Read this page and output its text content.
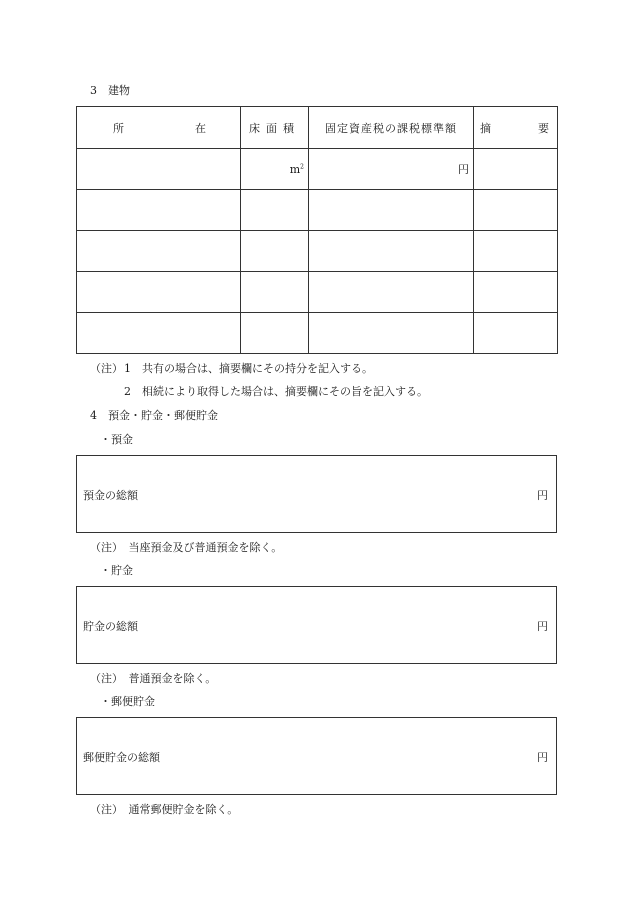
3　建物
所 在	床面積	固定資産税の課税標準額	摘 要

	$m^2$	円	

（注） 1　共有の場合は、摘要欄にその持分を記入する。
2　相続により取得した場合は、摘要欄にその旨を記入する。
4　預金・貯金・郵便貯金
・預金
預金の総額	円
（注）　当座預金及び普通預金を除く。
・貯金
貯金の総額	円
（注）　普通預金を除く。
・郵便貯金
郵便貯金の総額	円
（注）　通常郵便貯金を除く。
